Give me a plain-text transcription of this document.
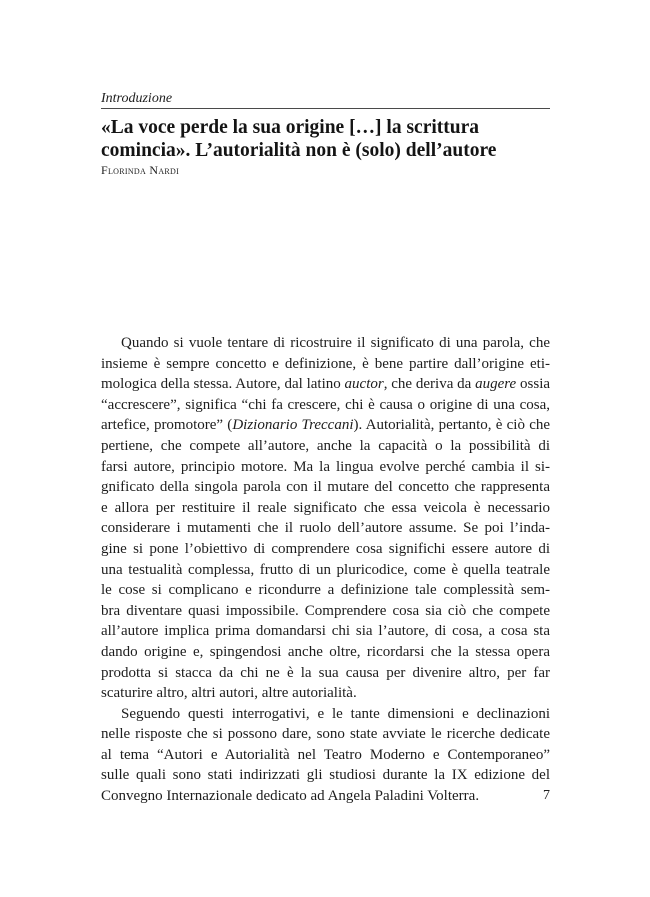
Introduzione
«La voce perde la sua origine […] la scrittura
comincia». L’autorialità non è (solo) dell’autore
Florinda Nardi
Quando si vuole tentare di ricostruire il significato di una parola, che
insieme è sempre concetto e definizione, è bene partire dall’origine eti-
mologica della stessa. Autore, dal latino auctor, che deriva da augere ossia
“accrescere”, significa “chi fa crescere, chi è causa o origine di una cosa,
artefice, promotore” (Dizionario Treccani). Autorialità, pertanto, è ciò che
pertiene, che compete all’autore, anche la capacità o la possibilità di
farsi autore, principio motore. Ma la lingua evolve perché cambia il si-
gnificato della singola parola con il mutare del concetto che rappresenta
e allora per restituire il reale significato che essa veicola è necessario
considerare i mutamenti che il ruolo dell’autore assume. Se poi l’inda-
gine si pone l’obiettivo di comprendere cosa significhi essere autore di
una testualità complessa, frutto di un pluricodice, come è quella teatrale
le cose si complicano e ricondurre a definizione tale complessità sem-
bra diventare quasi impossibile. Comprendere cosa sia ciò che compete
all’autore implica prima domandarsi chi sia l’autore, di cosa, a cosa sta
dando origine e, spingendosi anche oltre, ricordarsi che la stessa opera
prodotta si stacca da chi ne è la sua causa per divenire altro, per far
scaturire altro, altri autori, altre autorialità.
Seguendo questi interrogativi, e le tante dimensioni e declinazioni
nelle risposte che si possono dare, sono state avviate le ricerche dedicate
al tema “Autori e Autorialità nel Teatro Moderno e Contemporaneo”
sulle quali sono stati indirizzati gli studiosi durante la IX edizione del
Convegno Internazionale dedicato ad Angela Paladini Volterra.	7
